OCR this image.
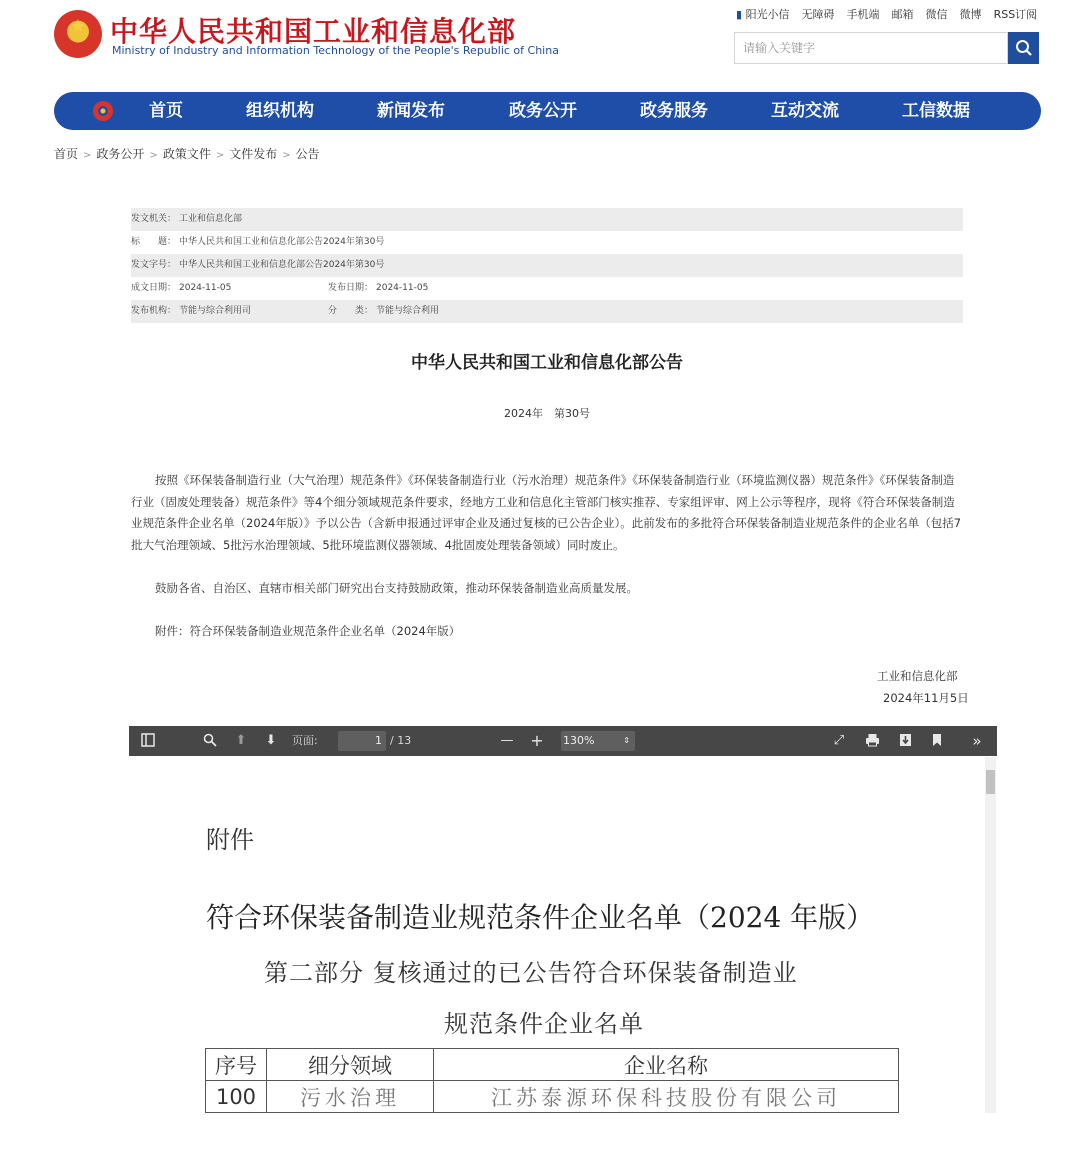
★ 中华人民共和国工业和信息化部
Ministry of Industry and Information Technology of the People's Republic of China
▮ 阳光小信 无障碍 手机端 邮箱 微信 微博 RSS订阅
请输入关键字
首页	组织机构	新闻发布	政务公开	政务服务	互动交流	工信数据
首页 > 政务公开 > 政策文件 > 文件发布 > 公告
发文机关： 工业和信息化部
标　　题： 中华人民共和国工业和信息化部公告2024年第30号
发文字号： 中华人民共和国工业和信息化部公告2024年第30号
成文日期： 2024-11-05	发布日期： 2024-11-05
发布机构： 节能与综合利用司	分　　类： 节能与综合利用
中华人民共和国工业和信息化部公告
2024年　第30号
按照《环保装备制造行业（大气治理）规范条件》《环保装备制造行业（污水治理）规范条件》《环保装备制造行业（环境监测仪器）规范条件》《环保装备制造行业（固废处理装备）规范条件》等4个细分领域规范条件要求，经地方工业和信息化主管部门核实推荐、专家组评审、网上公示等程序，现将《符合环保装备制造业规范条件企业名单（2024年版）》予以公告（含新申报通过评审企业及通过复核的已公告企业）。此前发布的多批符合环保装备制造业规范条件的企业名单（包括7批大气治理领域、5批污水治理领域、5批环境监测仪器领域、4批固废处理装备领域）同时废止。
鼓励各省、自治区、直辖市相关部门研究出台支持鼓励政策，推动环保装备制造业高质量发展。
附件：符合环保装备制造业规范条件企业名单（2024年版）
工业和信息化部
2024年11月5日
⬆ ⬇ 页面:	/ 13	— +	⤢	»
1	130%	⇕
附件
符合环保装备制造业规范条件企业名单（2024 年版）
第二部分 复核通过的已公告符合环保装备制造业
规范条件企业名单
序号	细分领域	企业名称
100	污水治理	江苏泰源环保科技股份有限公司
